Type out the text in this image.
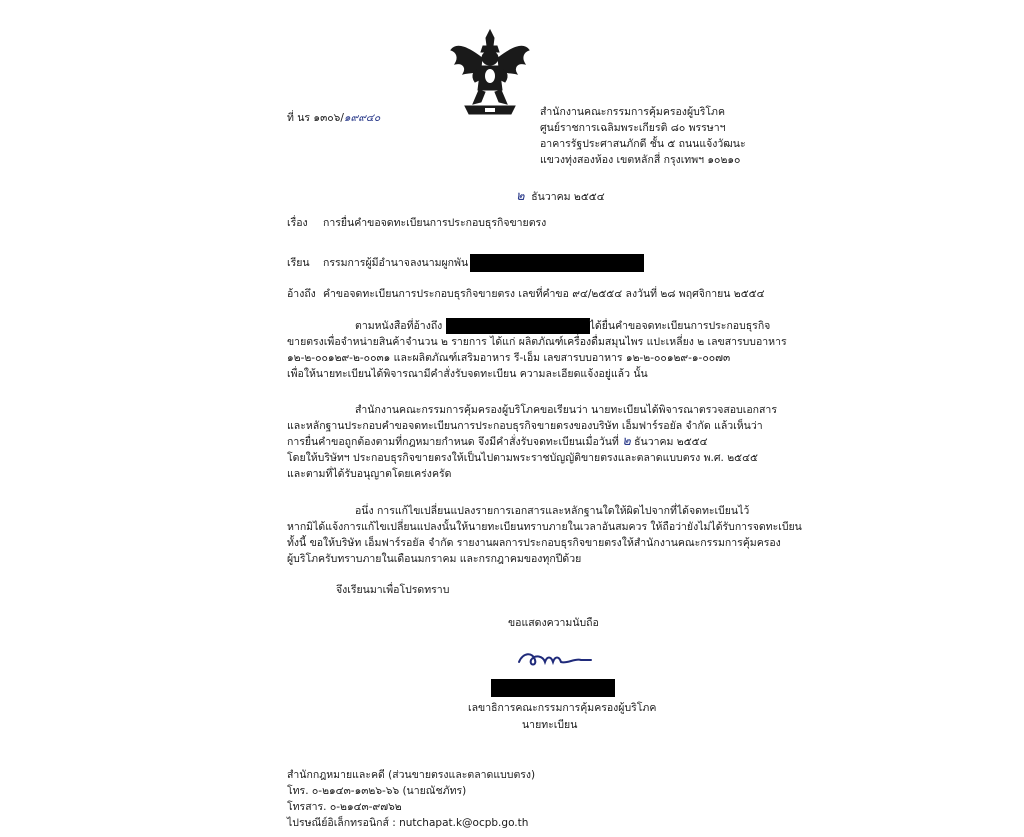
ที่ นร ๑๓๐๖/๑๙๙๔๐	สำนักงานคณะกรรมการคุ้มครองผู้บริโภค
ศูนย์ราชการเฉลิมพระเกียรติ ๘๐ พรรษาฯ
อาคารรัฐประศาสนภักดี ชั้น ๕ ถนนแจ้งวัฒนะ
แขวงทุ่งสองห้อง เขตหลักสี่ กรุงเทพฯ ๑๐๒๑๐
๒ ธันวาคม ๒๕๕๔
เรื่อง การยื่นคำขอจดทะเบียนการประกอบธุรกิจขายตรง
เรียน กรรมการผู้มีอำนาจลงนามผูกพัน
อ้างถึง คำขอจดทะเบียนการประกอบธุรกิจขายตรง เลขที่คำขอ ๙๔/๒๕๕๔ ลงวันที่ ๒๘ พฤศจิกายน ๒๕๕๔
ตามหนังสือที่อ้างถึง	ได้ยื่นคำขอจดทะเบียนการประกอบธุรกิจ
ขายตรงเพื่อจำหน่ายสินค้าจำนวน ๒ รายการ ได้แก่ ผลิตภัณฑ์เครื่องดื่มสมุนไพร แปะเหลี่ยง ๒ เลขสารบบอาหาร
๑๒-๒-๐๐๑๒๙-๒-๐๐๓๑ และผลิตภัณฑ์เสริมอาหาร รี-เอ็ม เลขสารบบอาหาร ๑๒-๒-๐๐๑๒๙-๑-๐๐๗๓
เพื่อให้นายทะเบียนได้พิจารณามีคำสั่งรับจดทะเบียน ความละเอียดแจ้งอยู่แล้ว นั้น
สำนักงานคณะกรรมการคุ้มครองผู้บริโภคขอเรียนว่า นายทะเบียนได้พิจารณาตรวจสอบเอกสาร
และหลักฐานประกอบคำขอจดทะเบียนการประกอบธุรกิจขายตรงของบริษัท เอ็มฟาร์รอยัล จำกัด แล้วเห็นว่า
การยื่นคำขอถูกต้องตามที่กฎหมายกำหนด จึงมีคำสั่งรับจดทะเบียนเมื่อวันที่ ๒ ธันวาคม ๒๕๕๔
โดยให้บริษัทฯ ประกอบธุรกิจขายตรงให้เป็นไปตามพระราชบัญญัติขายตรงและตลาดแบบตรง พ.ศ. ๒๕๔๕
และตามที่ได้รับอนุญาตโดยเคร่งครัด
อนึ่ง การแก้ไขเปลี่ยนแปลงรายการเอกสารและหลักฐานใดให้ผิดไปจากที่ได้จดทะเบียนไว้
หากมิได้แจ้งการแก้ไขเปลี่ยนแปลงนั้นให้นายทะเบียนทราบภายในเวลาอันสมควร ให้ถือว่ายังไม่ได้รับการจดทะเบียน
ทั้งนี้ ขอให้บริษัท เอ็มฟาร์รอยัล จำกัด รายงานผลการประกอบธุรกิจขายตรงให้สำนักงานคณะกรรมการคุ้มครอง
ผู้บริโภครับทราบภายในเดือนมกราคม และกรกฎาคมของทุกปีด้วย
จึงเรียนมาเพื่อโปรดทราบ
ขอแสดงความนับถือ
เลขาธิการคณะกรรมการคุ้มครองผู้บริโภค
นายทะเบียน
สำนักกฎหมายและคดี (ส่วนขายตรงและตลาดแบบตรง)
โทร. ๐-๒๑๔๓-๑๓๒๖-๖๖ (นายณัชภัทร)
โทรสาร. ๐-๒๑๔๓-๙๗๖๒
ไปรษณีย์อิเล็กทรอนิกส์ : nutchapat.k@ocpb.go.th
